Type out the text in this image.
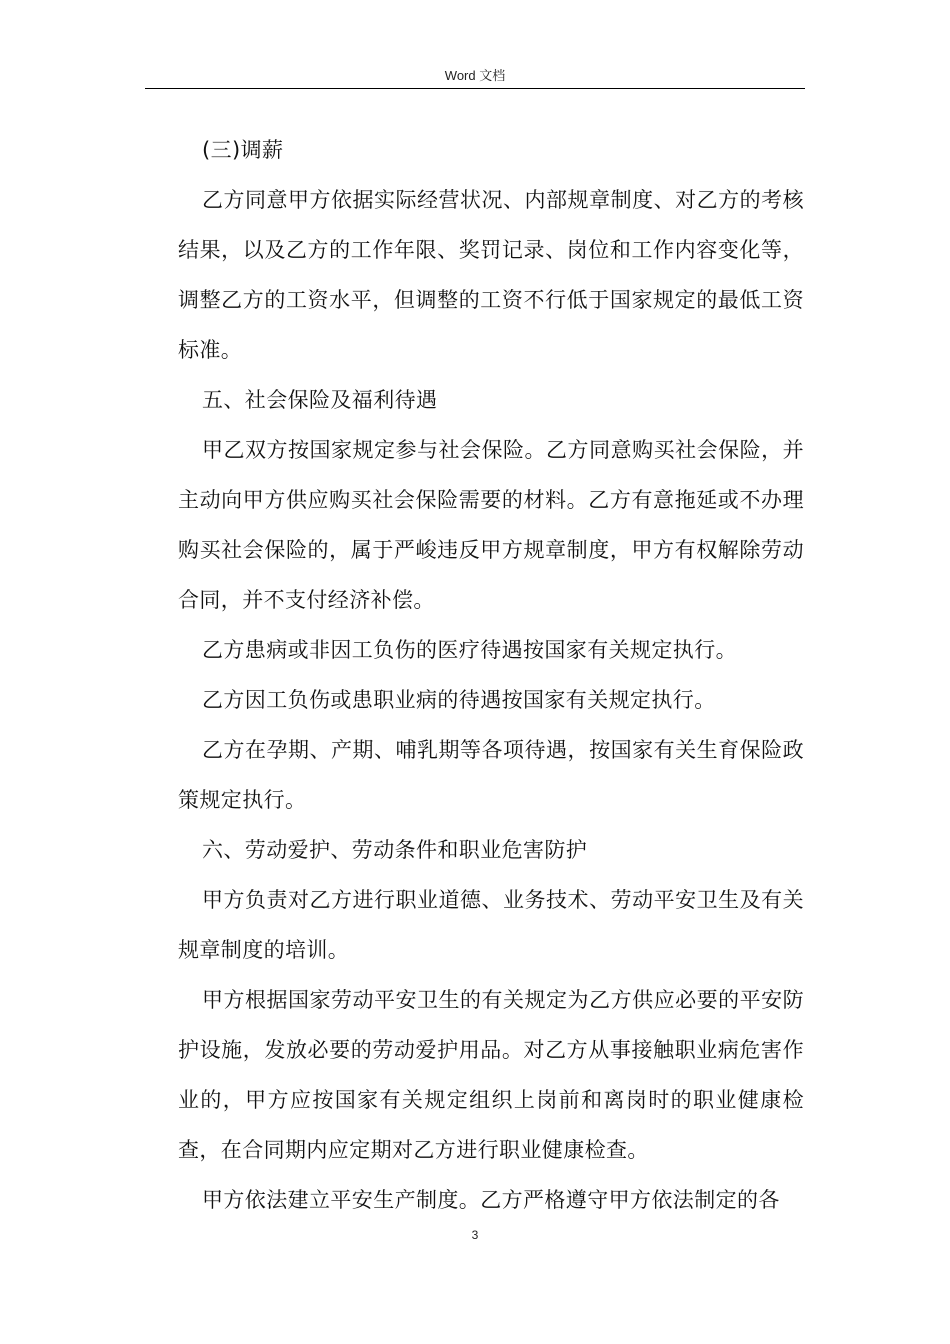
Word 文档

(三)调薪

乙方同意甲方依据实际经营状况、内部规章制度、对乙方的考核结果，以及乙方的工作年限、奖罚记录、岗位和工作内容变化等，调整乙方的工资水平，但调整的工资不行低于国家规定的最低工资标准。

五、社会保险及福利待遇

甲乙双方按国家规定参与社会保险。乙方同意购买社会保险，并主动向甲方供应购买社会保险需要的材料。乙方有意拖延或不办理购买社会保险的，属于严峻违反甲方规章制度，甲方有权解除劳动合同，并不支付经济补偿。

乙方患病或非因工负伤的医疗待遇按国家有关规定执行。

乙方因工负伤或患职业病的待遇按国家有关规定执行。

乙方在孕期、产期、哺乳期等各项待遇，按国家有关生育保险政策规定执行。

六、劳动爱护、劳动条件和职业危害防护

甲方负责对乙方进行职业道德、业务技术、劳动平安卫生及有关规章制度的培训。

甲方根据国家劳动平安卫生的有关规定为乙方供应必要的平安防护设施，发放必要的劳动爱护用品。对乙方从事接触职业病危害作业的，甲方应按国家有关规定组织上岗前和离岗时的职业健康检查，在合同期内应定期对乙方进行职业健康检查。

甲方依法建立平安生产制度。乙方严格遵守甲方依法制定的各

3
